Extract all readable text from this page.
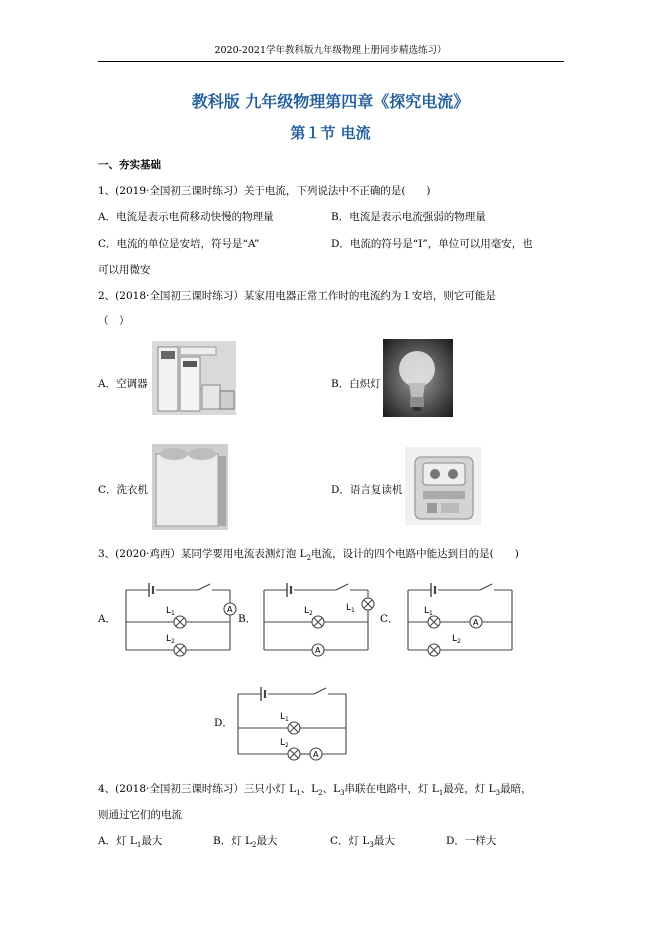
2020-2021学年教科版九年级物理上册同步精选练习）
教科版 九年级物理第四章《探究电流》
第１节 电流
一、夯实基础
1、(2019·全国初三课时练习）关于电流，下列说法中不正确的是(　　)
A．电流是表示电荷移动快慢的物理量	B．电流是表示电流强弱的物理量
C．电流的单位是安培，符号是“A”	D．电流的符号是“I”，单位可以用毫安，也
可以用微安
2、(2018·全国初三课时练习）某家用电器正常工作时的电流约为１安培，则它可能是
（　）
A．空调器	B．白炽灯
C．洗衣机	D．语言复读机
3、(2020·鸡西）某同学要用电流表测灯泡 $L_2$电流，设计的四个电路中能达到目的是(　　)
A．	B．	C．
D．
A
$L_1$
$L_2$
A
$L_1$
$L_2$
A
$L_1$
$L_2$
A
$L_1$
$L_2$
4、(2018·全国初三课时练习）三只小灯 $L_1$、$L_2$、$L_3$串联在电路中，灯 $L_1$最亮，灯 $L_3$最暗，
则通过它们的电流
A．灯 $L_1$最大	B．灯 $L_2$最大	C．灯 $L_3$最大	D．一样大
